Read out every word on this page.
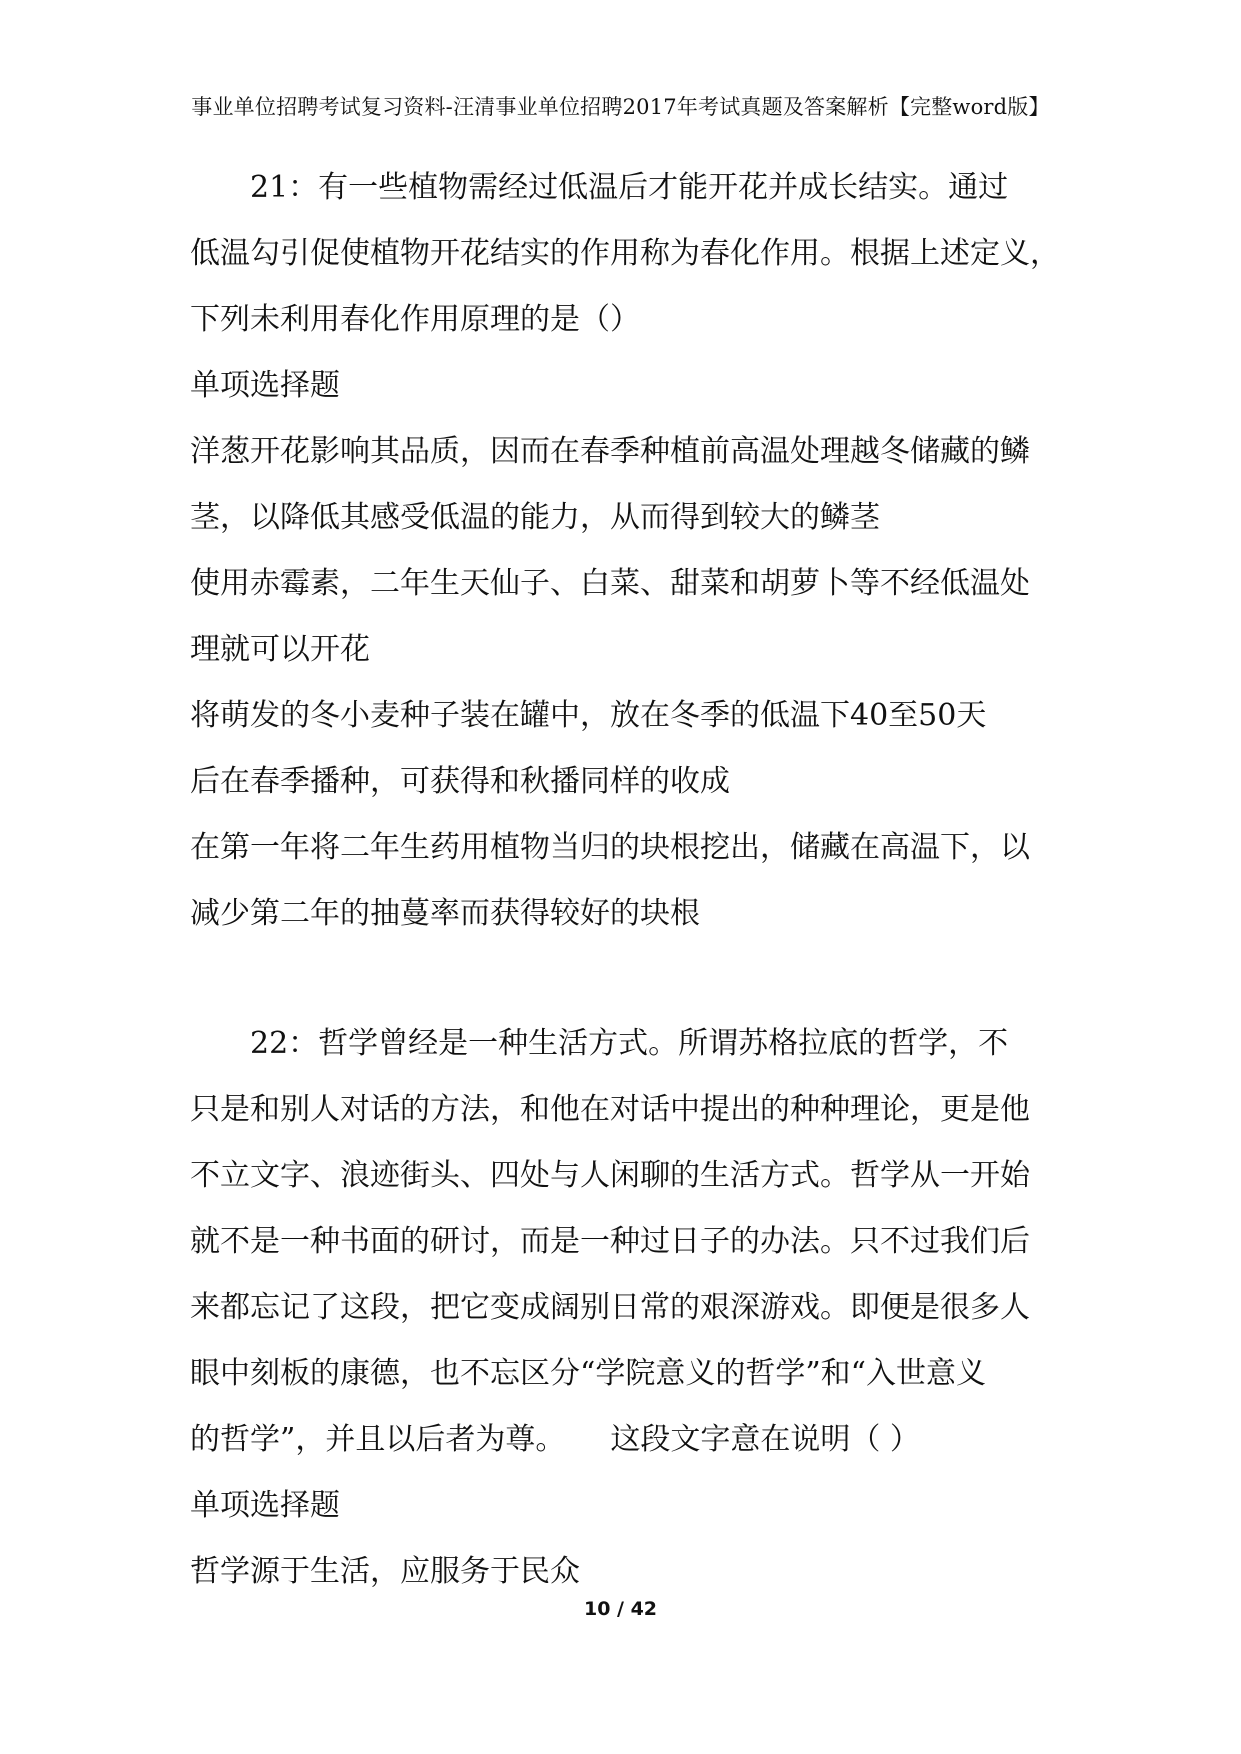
事业单位招聘考试复习资料-汪清事业单位招聘2017年考试真题及答案解析【完整word版】
21：有一些植物需经过低温后才能开花并成长结实。通过
低温勾引促使植物开花结实的作用称为春化作用。根据上述定义，
下列未利用春化作用原理的是（）
单项选择题
洋葱开花影响其品质，因而在春季种植前高温处理越冬储藏的鳞
茎，以降低其感受低温的能力，从而得到较大的鳞茎
使用赤霉素，二年生天仙子、白菜、甜菜和胡萝卜等不经低温处
理就可以开花
将萌发的冬小麦种子装在罐中，放在冬季的低温下40至50天
后在春季播种，可获得和秋播同样的收成
在第一年将二年生药用植物当归的块根挖出，储藏在高温下，以
减少第二年的抽蔓率而获得较好的块根
22：哲学曾经是一种生活方式。所谓苏格拉底的哲学，不
只是和别人对话的方法，和他在对话中提出的种种理论，更是他
不立文字、浪迹街头、四处与人闲聊的生活方式。哲学从一开始
就不是一种书面的研讨，而是一种过日子的办法。只不过我们后
来都忘记了这段，把它变成阔别日常的艰深游戏。即便是很多人
眼中刻板的康德，也不忘区分“学院意义的哲学”和“入世意义
的哲学”，并且以后者为尊。　　这段文字意在说明（ ）
单项选择题
哲学源于生活，应服务于民众
10 / 42
